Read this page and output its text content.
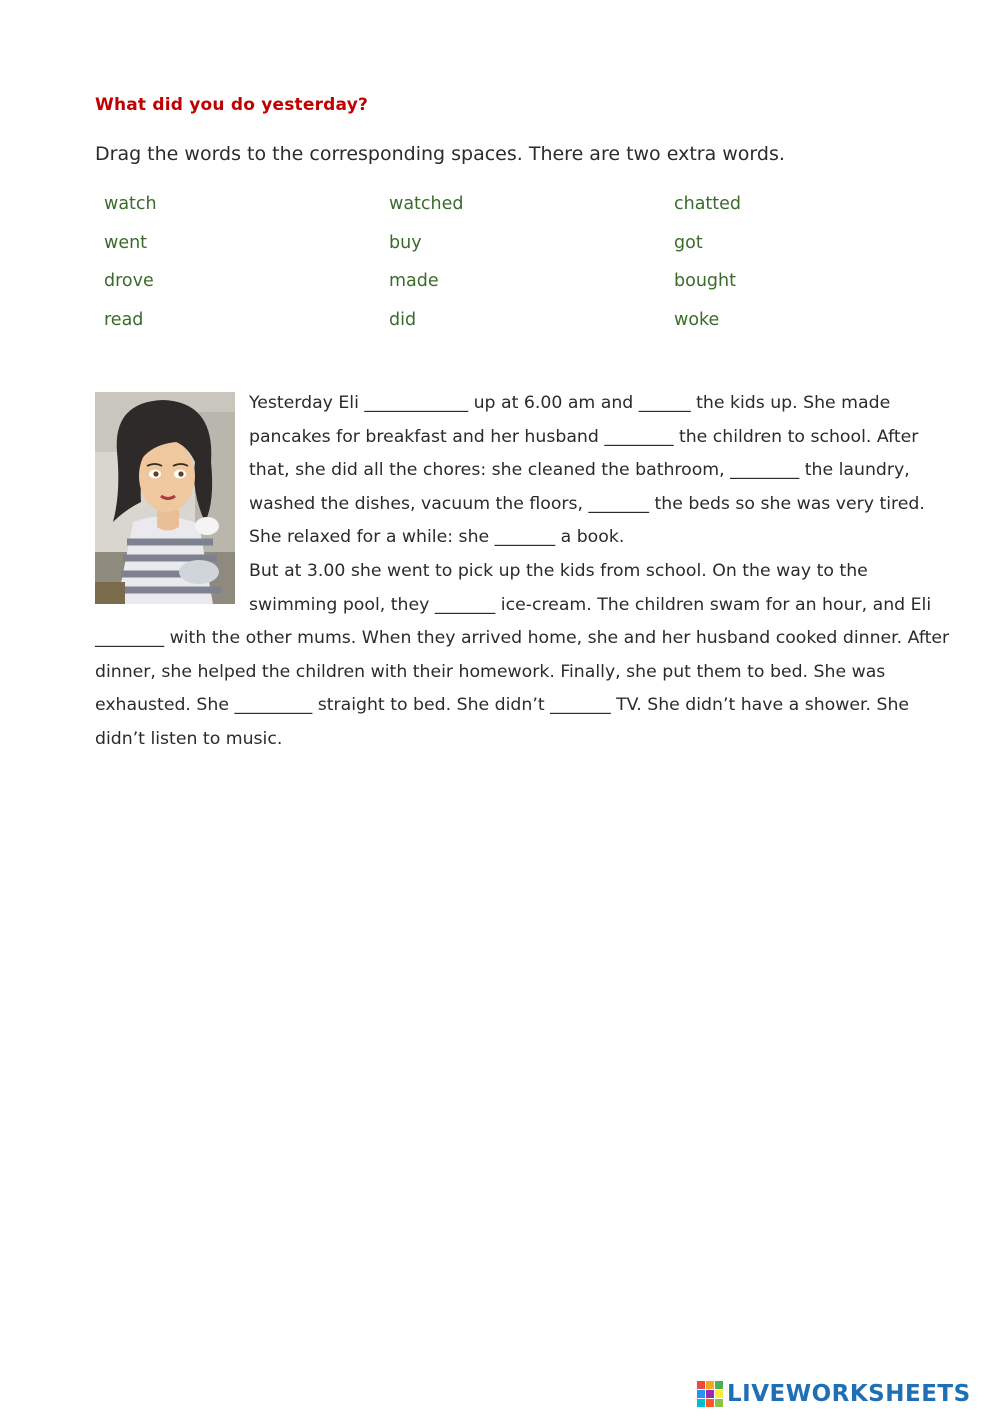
What did you do yesterday?
Drag the words to the corresponding spaces. There are two extra words.
watch	watched	chatted
went	buy	got
drove	made	bought
read	did	woke

Yesterday Eli ____________ up at 6.00 am and ______ the kids up. She made pancakes for breakfast and her husband ________ the children to school. After that, she did all the chores: she cleaned the bathroom, ________ the laundry, washed the dishes, vacuum the floors, _______ the beds so she was very tired. She relaxed for a while: she _______ a book.

But at 3.00 she went to pick up the kids from school. On the way to the swimming pool, they _______ ice-cream. The children swam for an hour, and Eli ________ with the other mums. When they arrived home, she and her husband cooked dinner. After dinner, she helped the children with their homework. Finally, she put them to bed. She was exhausted. She _________ straight to bed. She didn’t _______ TV. She didn’t have a shower. She didn’t listen to music.

LIVEWORKSHEETS
